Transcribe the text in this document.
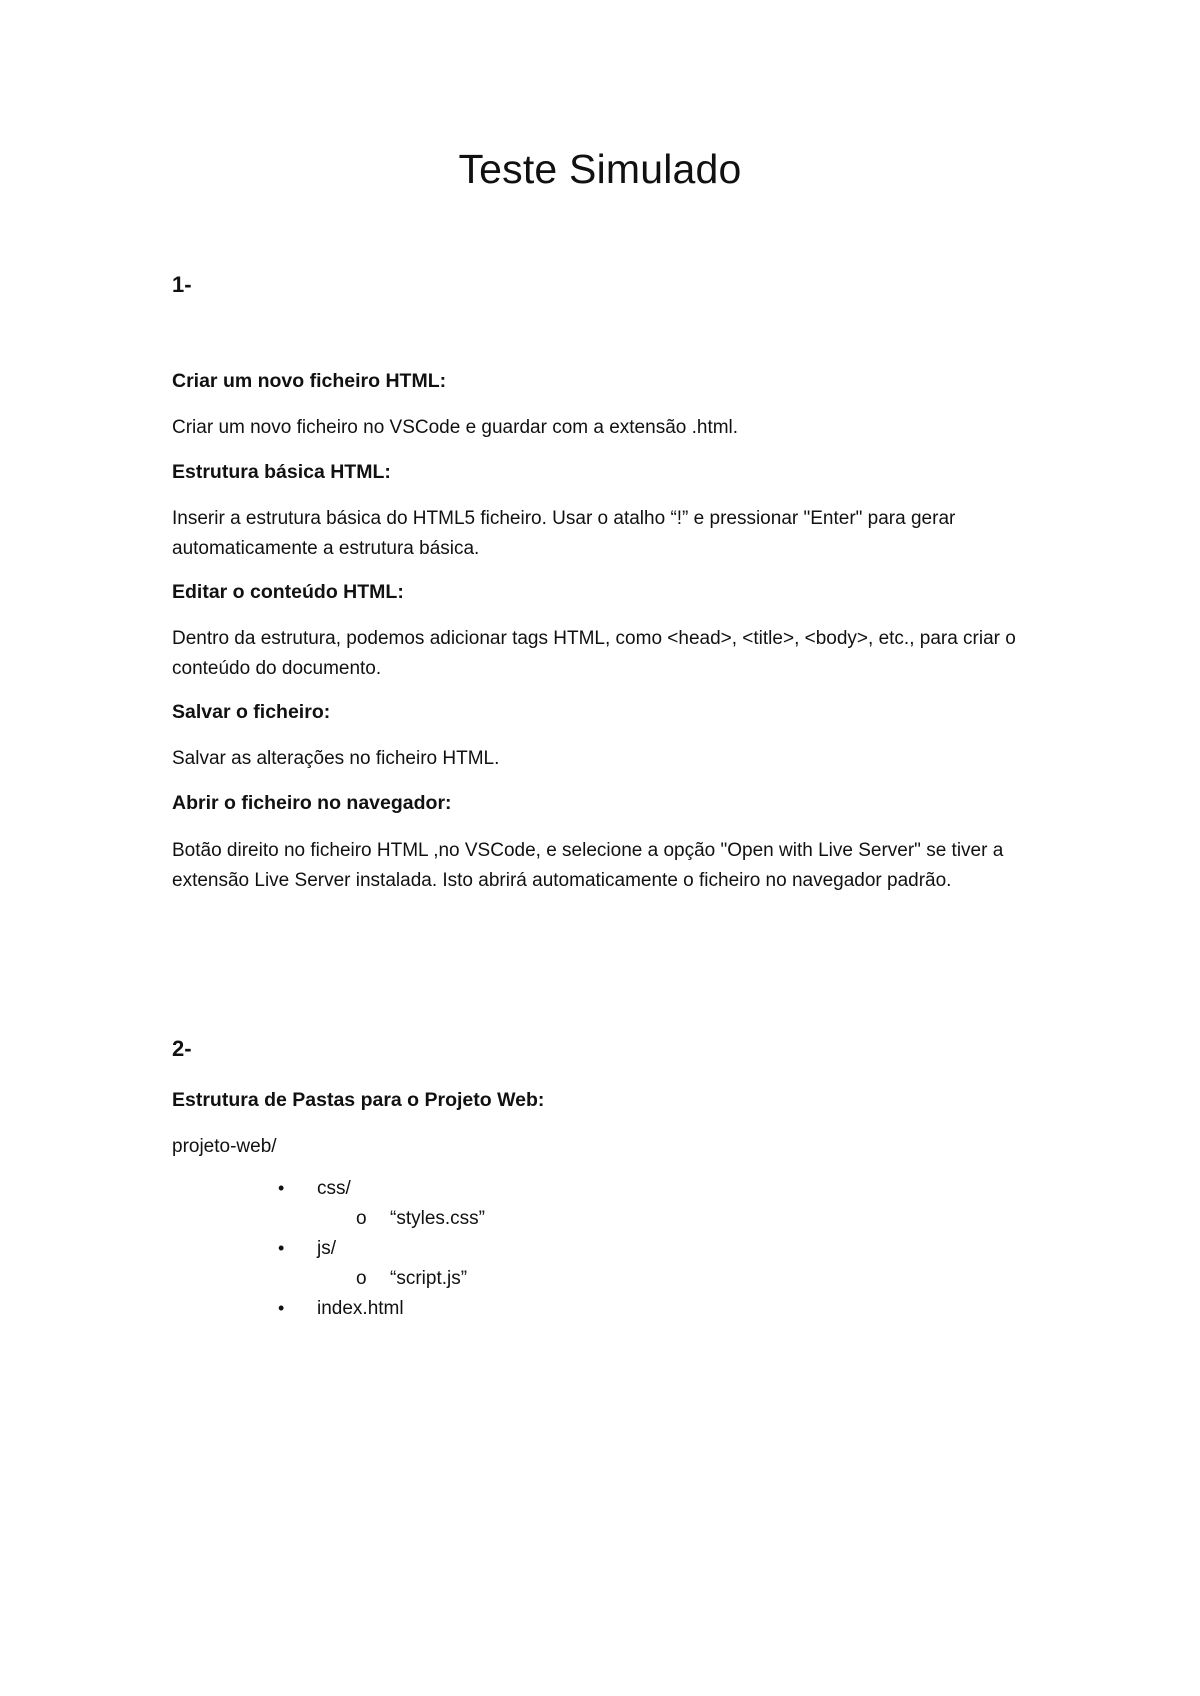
Teste Simulado
1-
Criar um novo ficheiro HTML:
Criar um novo ficheiro no VSCode e guardar com a extensão .html.
Estrutura básica HTML:
Inserir a estrutura básica do HTML5 ficheiro. Usar o atalho “!” e pressionar "Enter" para gerar automaticamente a estrutura básica.
Editar o conteúdo HTML:
Dentro da estrutura, podemos adicionar tags HTML, como <head>, <title>, <body>, etc., para criar o conteúdo do documento.
Salvar o ficheiro:
Salvar as alterações no ficheiro HTML.
Abrir o ficheiro no navegador:
Botão direito no ficheiro HTML ,no VSCode, e selecione a opção "Open with Live Server" se tiver a extensão Live Server instalada. Isto abrirá automaticamente o ficheiro no navegador padrão.
2-
Estrutura de Pastas para o Projeto Web:
projeto-web/
• css/
o “styles.css”
• js/
o “script.js”
• index.html
